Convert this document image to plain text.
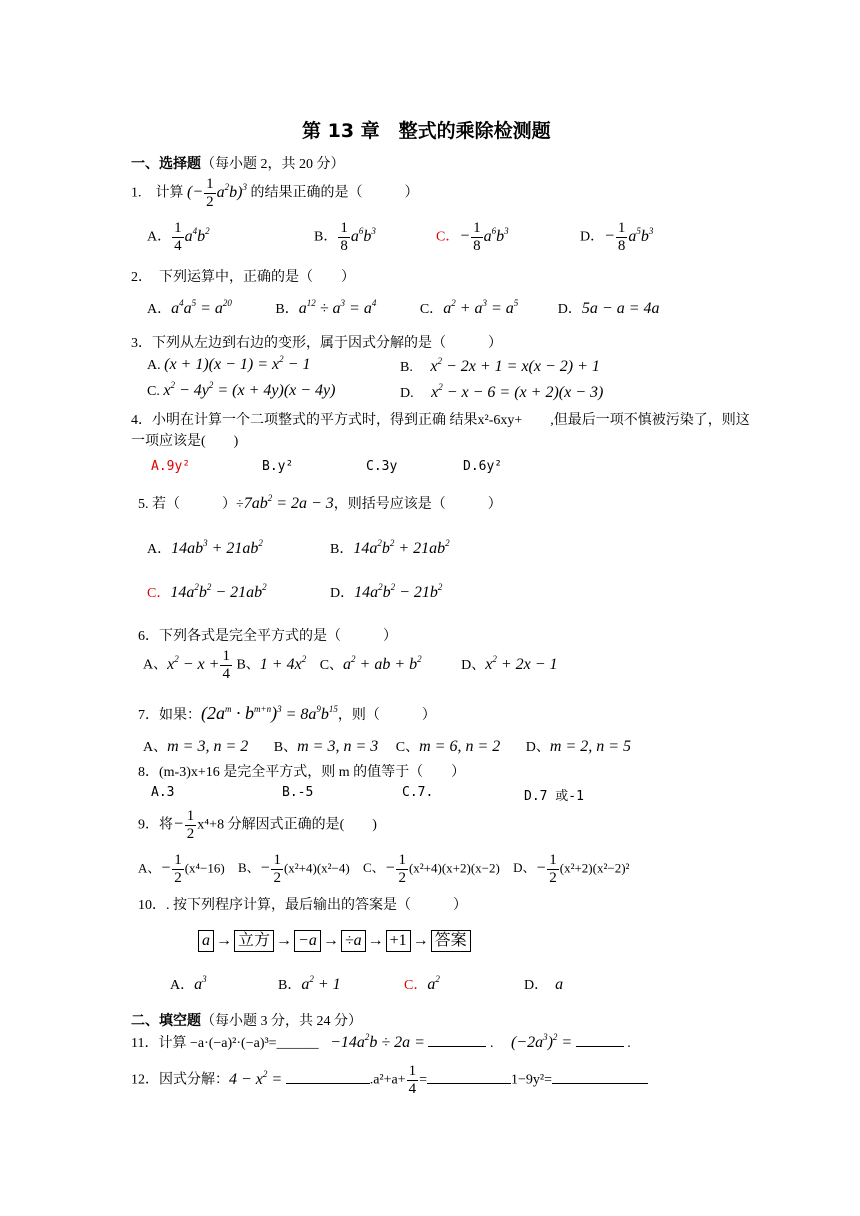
第 13 章　整式的乘除检测题
一、选择题（每小题 2，共 20 分）
1.　 计算 (− $\frac{1}{2} a^2b)^3$ 的结果正确的是（　　　）
A． $\frac{1}{4} a^4b^2$	B． $\frac{1}{8} a^6b^3$	C．− $\frac{1}{8} a^6b^3$	D．− $\frac{1}{8} a^5b^3$
2．　下列运算中，正确的是（　　）
A．$a^4a^5 = a^{20}$	B．$a^{12} \div a^3 = a^4$	C．$a^2 + a^3 = a^5$	D．5a − a = 4a
3．下列从左边到右边的变形，属于因式分解的是（　　　）
A. $(x + 1)(x - 1) = x^2 - 1$	B.　 $x^2 - 2x + 1 = x(x - 2) + 1$
C. $x^2 - 4y^2 = (x + 4y)(x - 4y)$	D.　 $x^2 - x - 6 = (x + 2)(x - 3)$
4．小明在计算一个二项整式的平方式时，得到正确 结果x²-6xy+　　,但最后一项不慎被污染了，则这
一项应该是(　　)
A.9y²	B.y²	C.3y	D.6y²
5. 若（　　　）$\div 7ab^2 = 2a - 3$，则括号应该是（　　　）
A．$14ab^3 + 21ab^2$	B．$14a^2b^2 + 21ab^2$
C．$14a^2b^2 - 21ab^2$	D．$14a^2b^2 - 21b^2$
6．下列各式是完全平方式的是（　　　）
A、$x^2 - x + \frac{1}{4}$ B、$1 + 4x^2$ C、$a^2$ + ab + $b^2$	D、$x^2 + 2x - 1$
7．如果：$(2a^m \cdot b^{m+n})^3 = 8a^9b^{15}$，则（　　　）
A、m = 3, n = 2 B、m = 3, n = 3 C、m = 6, n = 2 D、m = 2, n = 5
8．(m-3)x+16 是完全平方式，则 m 的值等于（　　）
A.3	B.-5	C.7.	D.7 或-1
9．将− $\frac{1}{2} x^4+8$ 分解因式正确的是(　　)
A、− $\frac{1}{2} (x^4-16)$ B、− $\frac{1}{2} (x^2+4)(x^2-4)$ C、− $\frac{1}{2} (x^2+4)(x+2)(x-2)$ D、− $\frac{1}{2} (x^2+2)(x^2-2)^2$
10．. 按下列程序计算，最后输出的答案是（　　　）
a → 立方 → −a → ÷a → +1 → 答案
A．$a^3$	B．$a^2 + 1$	C．$a^2$	D．　a
二、填空题（每小题 3 分，共 24 分）
11．计算 −a·(−a)²·(−a)³=______ $-14a^2b \div 2a$ =	. $(-2a^3)^2$ =	.
12．因式分解：$4 - x^2$ =	$.a^2+a+ \frac{1}{4}$ =	1−9y²=
